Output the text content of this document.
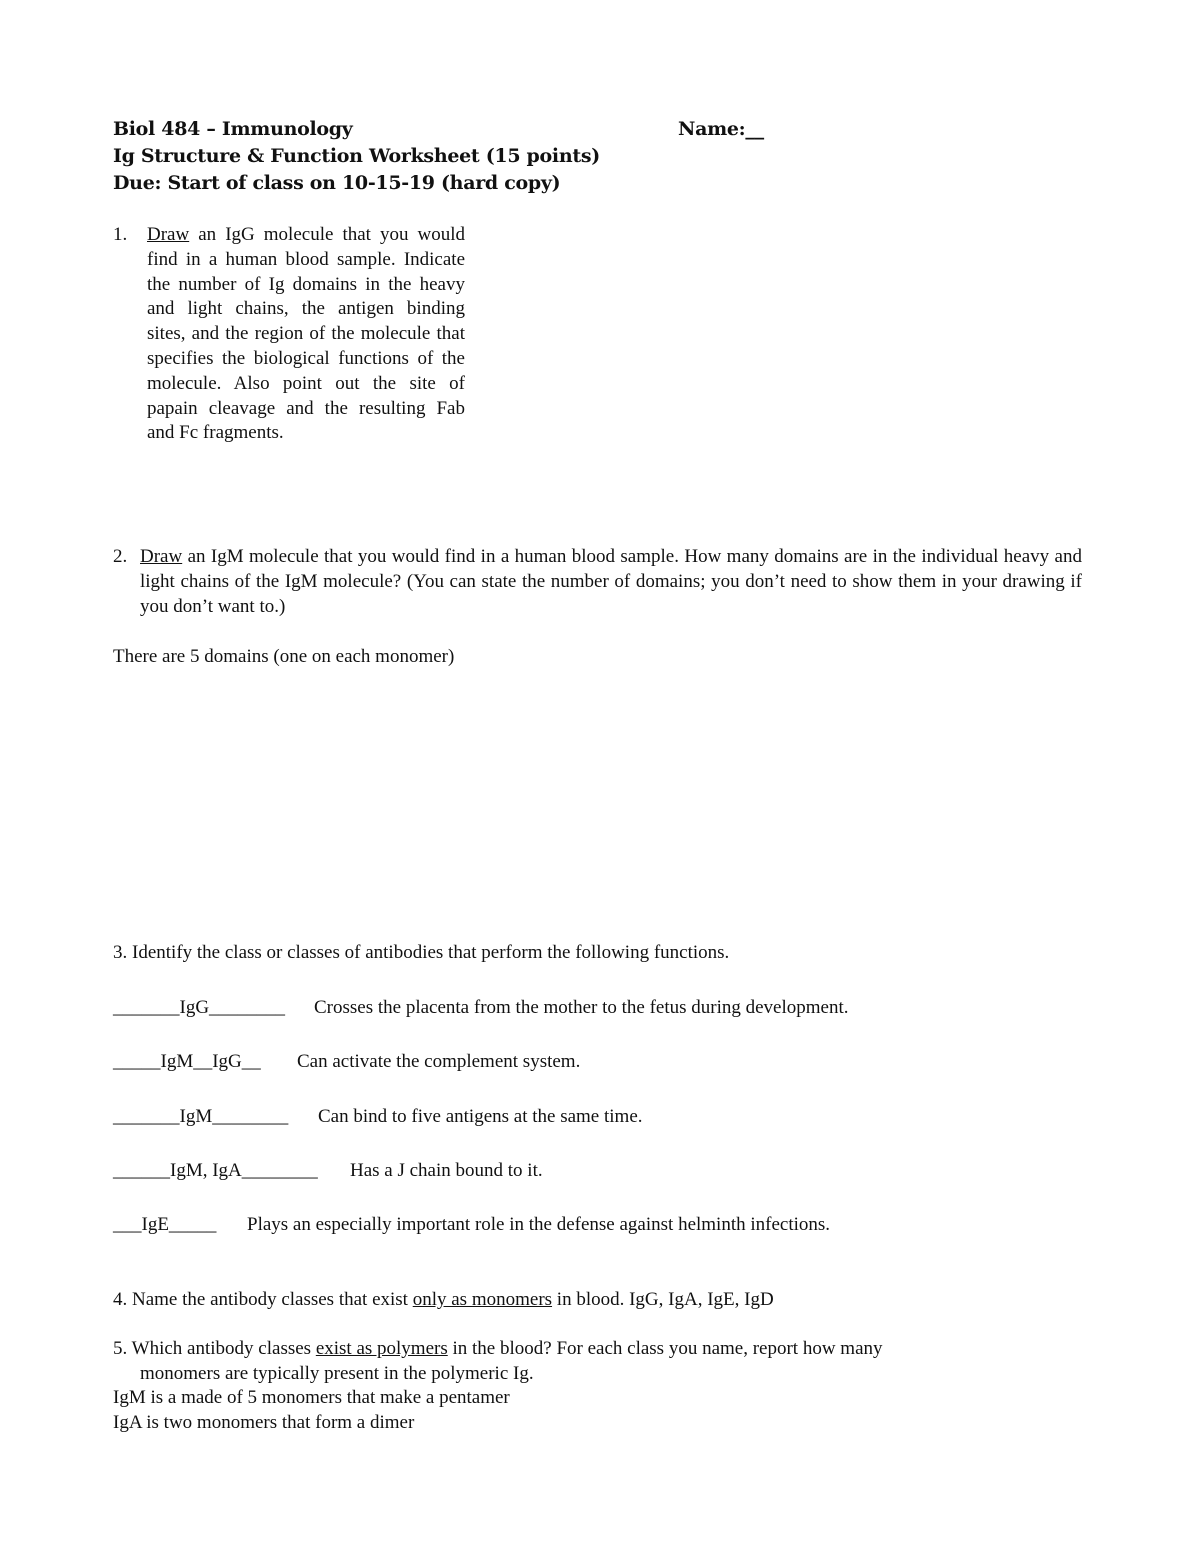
Biol 484 – Immunology	Name:__
Ig Structure & Function Worksheet (15 points)
Due: Start of class on 10-15-19 (hard copy)
1. Draw an IgG molecule that you would find in a human blood sample. Indicate the number of Ig domains in the heavy and light chains, the antigen binding sites, and the region of the molecule that specifies the biological functions of the molecule. Also point out the site of papain cleavage and the resulting Fab and Fc fragments.
2. Draw an IgM molecule that you would find in a human blood sample. How many domains are in the individual heavy and light chains of the IgM molecule? (You can state the number of domains; you don’t need to show them in your drawing if you don’t want to.)
There are 5 domains (one on each monomer)
3. Identify the class or classes of antibodies that perform the following functions.
_______IgG________ Crosses the placenta from the mother to the fetus during development.
_____IgM__IgG__ Can activate the complement system.
_______IgM________ Can bind to five antigens at the same time.
______IgM, IgA________ Has a J chain bound to it.
___IgE_____ Plays an especially important role in the defense against helminth infections.
4. Name the antibody classes that exist only as monomers in blood. IgG, IgA, IgE, IgD
5. Which antibody classes exist as polymers in the blood? For each class you name, report how many
monomers are typically present in the polymeric Ig.
IgM is a made of 5 monomers that make a pentamer
IgA is two monomers that form a dimer
